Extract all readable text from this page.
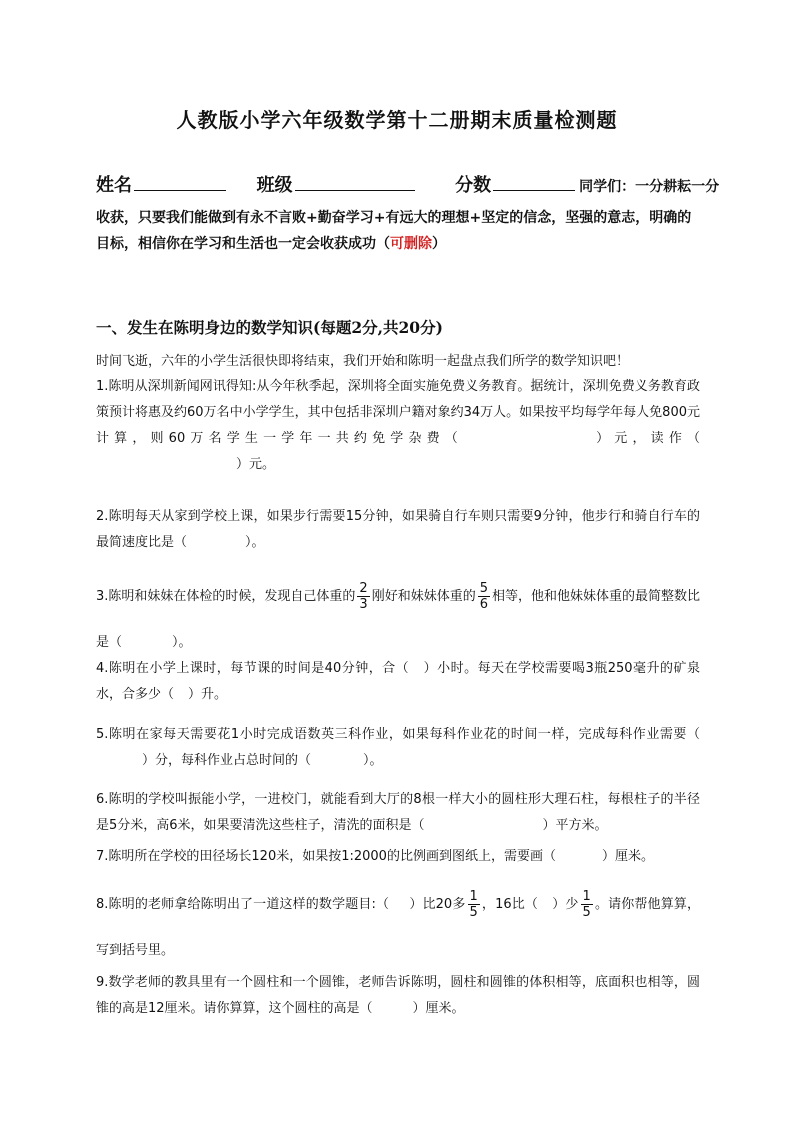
人教版小学六年级数学第十二册期末质量检测题
姓名	班级	分数	同学们：一分耕耘一分
收获，只要我们能做到有永不言败+勤奋学习+有远大的理想+坚定的信念，坚强的意志，明确的目标，相信你在学习和生活也一定会收获成功（可删除）
一、发生在陈明身边的数学知识(每题2分,共20分)
时间飞逝，六年的小学生活很快即将结束，我们开始和陈明一起盘点我们所学的数学知识吧！
1.陈明从深圳新闻网讯得知:从今年秋季起，深圳将全面实施免费义务教育。据统计，深圳免费义务教育政策预计将惠及约60万名中小学学生，其中包括非深圳户籍对象约34万人。如果按平均每学年每人免800元计算，则60万名学生一学年一共约免学杂费（	）元，读作（）元。
2.陈明每天从家到学校上课，如果步行需要15分钟，如果骑自行车则只需要9分钟，他步行和骑自行车的最简速度比是（	）。
3.陈明和妹妹在体检的时候，发现自己体重的 $\frac{2}{3}$ 刚好和妹妹体重的 $\frac{5}{6}$ 相等，他和他妹妹体重的最简整数比是（	）。
4.陈明在小学上课时，每节课的时间是40分钟，合（ ）小时。每天在学校需要喝3瓶250毫升的矿泉水，合多少（ ）升。
5.陈明在家每天需要花1小时完成语数英三科作业，如果每科作业花的时间一样，完成每科作业需要（）分，每科作业占总时间的（	）。
6.陈明的学校叫振能小学，一进校门，就能看到大厅的8根一样大小的圆柱形大理石柱，每根柱子的半径是5分米，高6米，如果要清洗这些柱子，清洗的面积是（	）平方米。
7.陈明所在学校的田径场长120米，如果按1:2000的比例画到图纸上，需要画（	）厘米。
8.陈明的老师拿给陈明出了一道这样的数学题目:（ ）比20多 $\frac{1}{5}$ ，16比（ ）少 $\frac{1}{5}$ 。请你帮他算算，写到括号里。
9.数学老师的教具里有一个圆柱和一个圆锥，老师告诉陈明，圆柱和圆锥的体积相等，底面积也相等，圆锥的高是12厘米。请你算算，这个圆柱的高是（	）厘米。
